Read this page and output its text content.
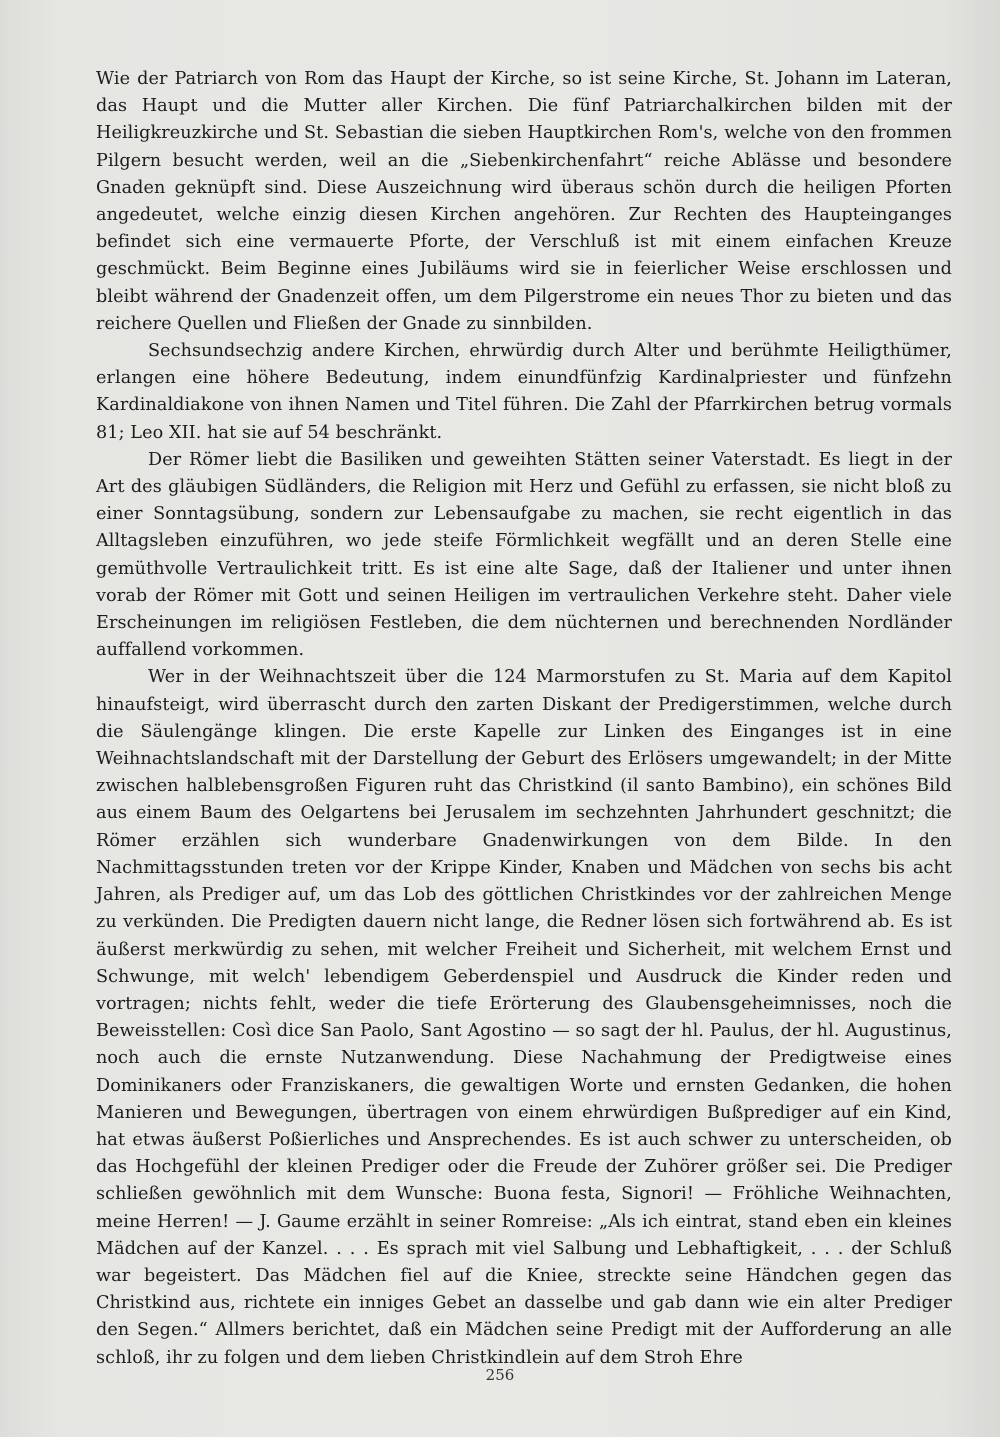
Wie der Patriarch von Rom das Haupt der Kirche, so ist seine Kirche, St. Johann im Lateran, das Haupt und die Mutter aller Kirchen. Die fünf Patriarchalkirchen bilden mit der Heiligkreuzkirche und St. Sebastian die sieben Hauptkirchen Rom's, welche von den frommen Pilgern besucht werden, weil an die „Siebenkirchenfahrt“ reiche Ablässe und besondere Gnaden geknüpft sind. Diese Auszeichnung wird überaus schön durch die heiligen Pforten angedeutet, welche einzig diesen Kirchen angehören. Zur Rechten des Haupteinganges befindet sich eine vermauerte Pforte, der Verschluß ist mit einem einfachen Kreuze geschmückt. Beim Beginne eines Jubiläums wird sie in feierlicher Weise erschlossen und bleibt während der Gnadenzeit offen, um dem Pilgerstrome ein neues Thor zu bieten und das reichere Quellen und Fließen der Gnade zu sinnbilden.

Sechsundsechzig andere Kirchen, ehrwürdig durch Alter und berühmte Heiligthümer, erlangen eine höhere Bedeutung, indem einundfünfzig Kardinalpriester und fünfzehn Kardinaldiakone von ihnen Namen und Titel führen. Die Zahl der Pfarrkirchen betrug vormals 81; Leo XII. hat sie auf 54 beschränkt.

Der Römer liebt die Basiliken und geweihten Stätten seiner Vaterstadt. Es liegt in der Art des gläubigen Südländers, die Religion mit Herz und Gefühl zu erfassen, sie nicht bloß zu einer Sonntagsübung, sondern zur Lebensaufgabe zu machen, sie recht eigentlich in das Alltagsleben einzuführen, wo jede steife Förmlichkeit wegfällt und an deren Stelle eine gemüthvolle Vertraulichkeit tritt. Es ist eine alte Sage, daß der Italiener und unter ihnen vorab der Römer mit Gott und seinen Heiligen im vertraulichen Verkehre steht. Daher viele Erscheinungen im religiösen Festleben, die dem nüchternen und berechnenden Nordländer auffallend vorkommen.

Wer in der Weihnachtszeit über die 124 Marmorstufen zu St. Maria auf dem Kapitol hinaufsteigt, wird überrascht durch den zarten Diskant der Predigerstimmen, welche durch die Säulengänge klingen. Die erste Kapelle zur Linken des Einganges ist in eine Weihnachtslandschaft mit der Darstellung der Geburt des Erlösers umgewandelt; in der Mitte zwischen halblebensgroßen Figuren ruht das Christkind (il santo Bambino), ein schönes Bild aus einem Baum des Oelgartens bei Jerusalem im sechzehnten Jahrhundert geschnitzt; die Römer erzählen sich wunderbare Gnadenwirkungen von dem Bilde. In den Nachmittagsstunden treten vor der Krippe Kinder, Knaben und Mädchen von sechs bis acht Jahren, als Prediger auf, um das Lob des göttlichen Christkindes vor der zahlreichen Menge zu verkünden. Die Predigten dauern nicht lange, die Redner lösen sich fortwährend ab. Es ist äußerst merkwürdig zu sehen, mit welcher Freiheit und Sicherheit, mit welchem Ernst und Schwunge, mit welch' lebendigem Geberdenspiel und Ausdruck die Kinder reden und vortragen; nichts fehlt, weder die tiefe Erörterung des Glaubensgeheimnisses, noch die Beweisstellen: Così dice San Paolo, Sant Agostino — so sagt der hl. Paulus, der hl. Augustinus, noch auch die ernste Nutzanwendung. Diese Nachahmung der Predigtweise eines Dominikaners oder Franziskaners, die gewaltigen Worte und ernsten Gedanken, die hohen Manieren und Bewegungen, übertragen von einem ehrwürdigen Bußprediger auf ein Kind, hat etwas äußerst Poßierliches und Ansprechendes. Es ist auch schwer zu unterscheiden, ob das Hochgefühl der kleinen Prediger oder die Freude der Zuhörer größer sei. Die Prediger schließen gewöhnlich mit dem Wunsche: Buona festa, Signori! — Fröhliche Weihnachten, meine Herren! — J. Gaume erzählt in seiner Romreise: „Als ich eintrat, stand eben ein kleines Mädchen auf der Kanzel. . . . Es sprach mit viel Salbung und Lebhaftigkeit, . . . der Schluß war begeistert. Das Mädchen fiel auf die Kniee, streckte seine Händchen gegen das Christkind aus, richtete ein inniges Gebet an dasselbe und gab dann wie ein alter Prediger den Segen.“ Allmers berichtet, daß ein Mädchen seine Predigt mit der Aufforderung an alle schloß, ihr zu folgen und dem lieben Christkindlein auf dem Stroh Ehre

256
